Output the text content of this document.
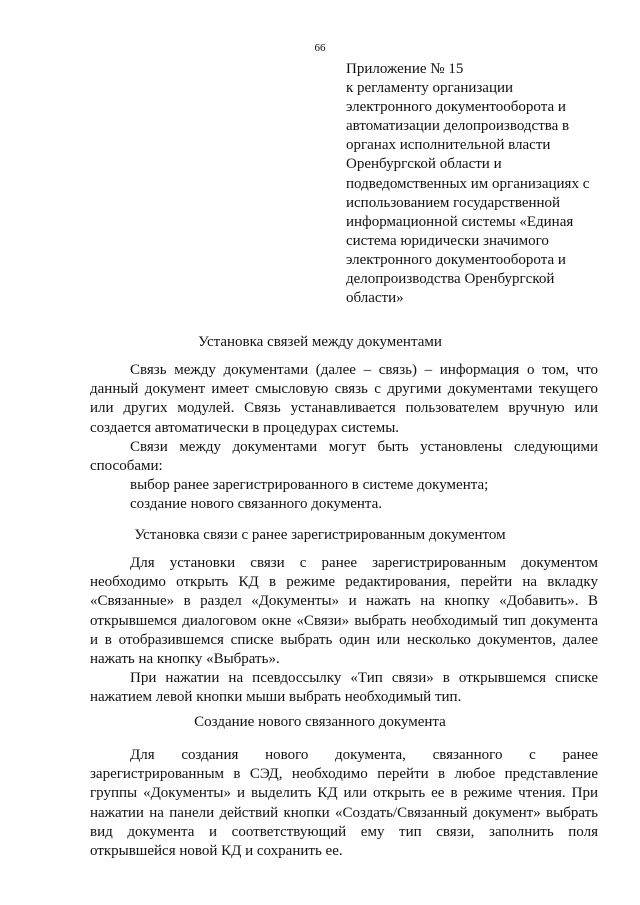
66
Приложение № 15
к регламенту организации
электронного документооборота и
автоматизации делопроизводства в
органах исполнительной власти
Оренбургской области и
подведомственных им организациях с
использованием государственной
информационной системы «Единая
система юридически значимого
электронного документооборота и
делопроизводства Оренбургской
области»
Установка связей между документами
Связь между документами (далее – связь) – информация о том, что данный документ имеет смысловую связь с другими документами текущего или других модулей. Связь устанавливается пользователем вручную или создается автоматически в процедурах системы.
Связи между документами могут быть установлены следующими способами:
выбор ранее зарегистрированного в системе документа;
создание нового связанного документа.
Установка связи с ранее зарегистрированным документом
Для установки связи с ранее зарегистрированным документом необходимо открыть КД в режиме редактирования, перейти на вкладку «Связанные» в раздел «Документы» и нажать на кнопку «Добавить». В открывшемся диалоговом окне «Связи» выбрать необходимый тип документа и в отобразившемся списке выбрать один или несколько документов, далее нажать на кнопку «Выбрать».
При нажатии на псевдоссылку «Тип связи» в открывшемся списке нажатием левой кнопки мыши выбрать необходимый тип.
Создание нового связанного документа
Для создания нового документа, связанного с ранее зарегистрированным в СЭД, необходимо перейти в любое представление группы «Документы» и выделить КД или открыть ее в режиме чтения. При нажатии на панели действий кнопки «Создать/Связанный документ» выбрать вид документа и соответствующий ему тип связи, заполнить поля открывшейся новой КД и сохранить ее.
